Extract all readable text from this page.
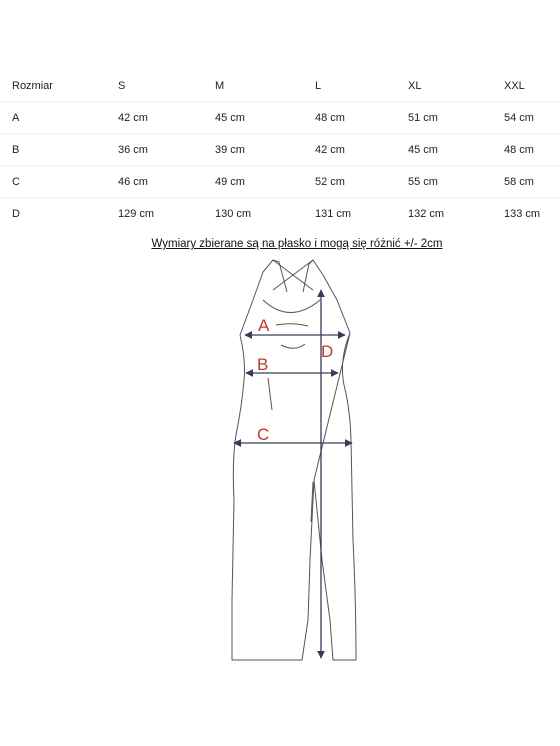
Rozmiar	S	M	L	XL	XXL
A	42 cm	45 cm	48 cm	51 cm	54 cm
B	36 cm	39 cm	42 cm	45 cm	48 cm
C	46 cm	49 cm	52 cm	55 cm	58 cm
D	129 cm	130 cm	131 cm	132 cm	133 cm
Wymiary zbierane są na płasko i mogą się różnić +/- 2cm
A
B
C
D
